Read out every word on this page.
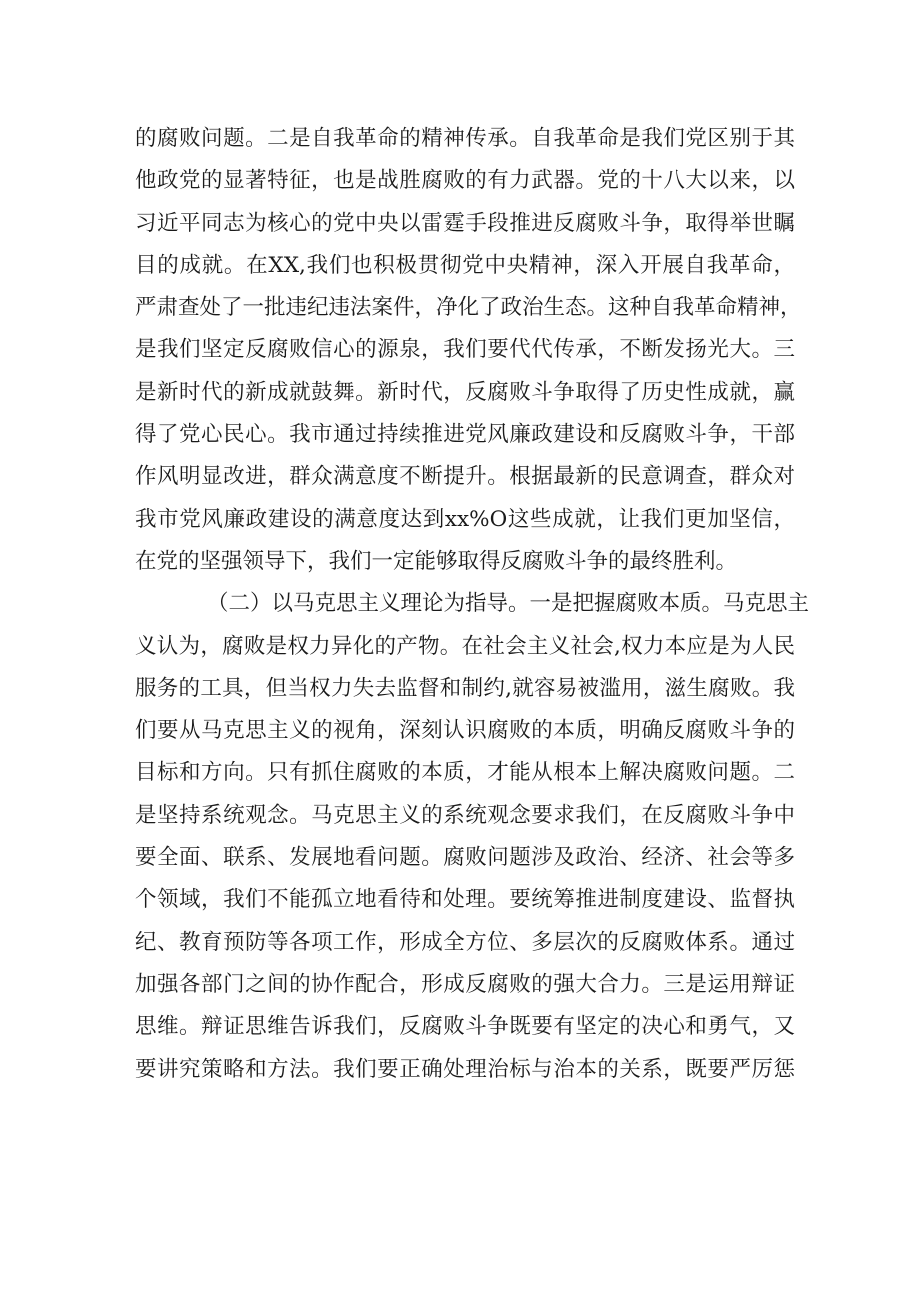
的腐败问题。二是自我革命的精神传承。自我革命是我们党区别于其
他政党的显著特征，也是战胜腐败的有力武器。党的十八大以来，以
习近平同志为核心的党中央以雷霆手段推进反腐败斗争，取得举世瞩
目的成就。在XX,我们也积极贯彻党中央精神，深入开展自我革命，
严肃查处了一批违纪违法案件，净化了政治生态。这种自我革命精神，
是我们坚定反腐败信心的源泉，我们要代代传承，不断发扬光大。三
是新时代的新成就鼓舞。新时代，反腐败斗争取得了历史性成就，赢
得了党心民心。我市通过持续推进党风廉政建设和反腐败斗争，干部
作风明显改进，群众满意度不断提升。根据最新的民意调查，群众对
我市党风廉政建设的满意度达到xx%O这些成就，让我们更加坚信，
在党的坚强领导下，我们一定能够取得反腐败斗争的最终胜利。
（二）以马克思主义理论为指导。一是把握腐败本质。马克思主
义认为，腐败是权力异化的产物。在社会主义社会,权力本应是为人民
服务的工具，但当权力失去监督和制约,就容易被滥用，滋生腐败。我
们要从马克思主义的视角，深刻认识腐败的本质，明确反腐败斗争的
目标和方向。只有抓住腐败的本质，才能从根本上解决腐败问题。二
是坚持系统观念。马克思主义的系统观念要求我们，在反腐败斗争中
要全面、联系、发展地看问题。腐败问题涉及政治、经济、社会等多
个领域，我们不能孤立地看待和处理。要统筹推进制度建设、监督执
纪、教育预防等各项工作，形成全方位、多层次的反腐败体系。通过
加强各部门之间的协作配合，形成反腐败的强大合力。三是运用辩证
思维。辩证思维告诉我们，反腐败斗争既要有坚定的决心和勇气，又
要讲究策略和方法。我们要正确处理治标与治本的关系，既要严厉惩
